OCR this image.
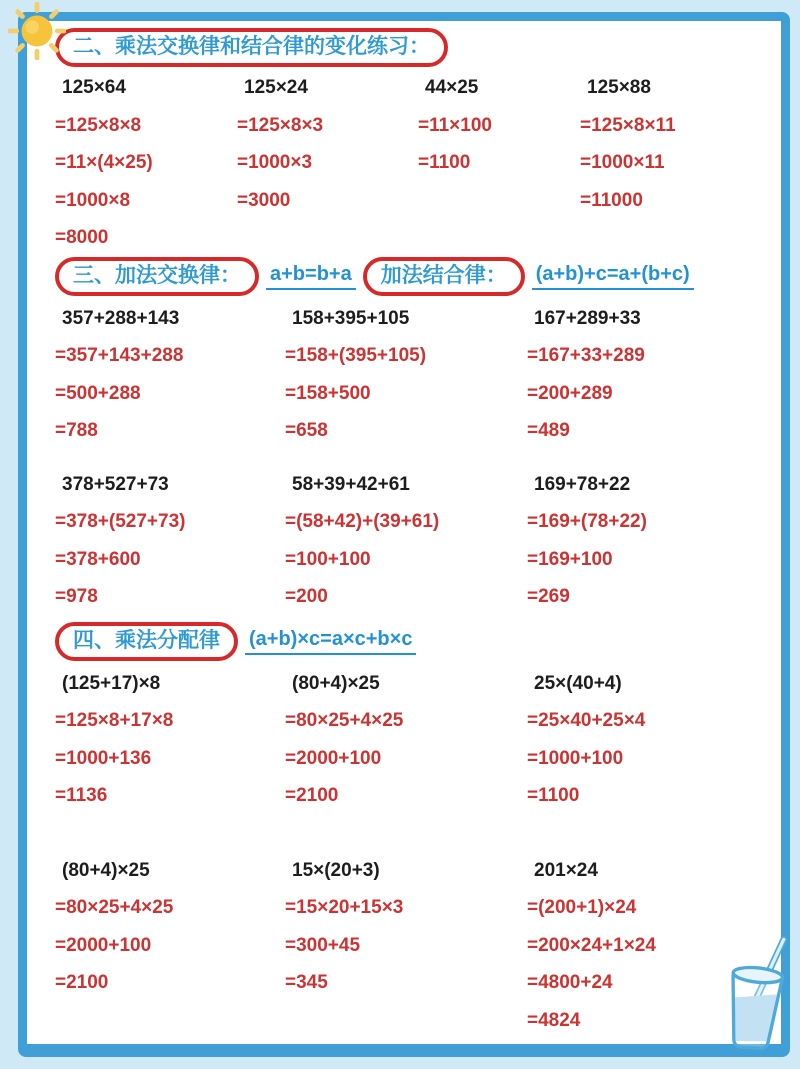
二、乘法交换律和结合律的变化练习：

125×64

=125×8×8

=11×(4×25)

=1000×8

=8000

125×24

=125×8×3

=1000×3

=3000

44×25

=11×100

=1100

125×88

=125×8×11

=1000×11

=11000

三、加法交换律：	a+b=b+a	加法结合律：	(a+b)+c=a+(b+c)

357+288+143

=357+143+288

=500+288

=788

158+395+105

=158+(395+105)

=158+500

=658

167+289+33

=167+33+289

=200+289

=489

378+527+73

=378+(527+73)

=378+600

=978

58+39+42+61

=(58+42)+(39+61)

=100+100

=200

169+78+22

=169+(78+22)

=169+100

=269

四、乘法分配律	(a+b)×c=a×c+b×c

(125+17)×8

=125×8+17×8

=1000+136

=1136

(80+4)×25

=80×25+4×25

=2000+100

=2100

25×(40+4)

=25×40+25×4

=1000+100

=1100

(80+4)×25

=80×25+4×25

=2000+100

=2100

15×(20+3)

=15×20+15×3

=300+45

=345

201×24

=(200+1)×24

=200×24+1×24

=4800+24

=4824
